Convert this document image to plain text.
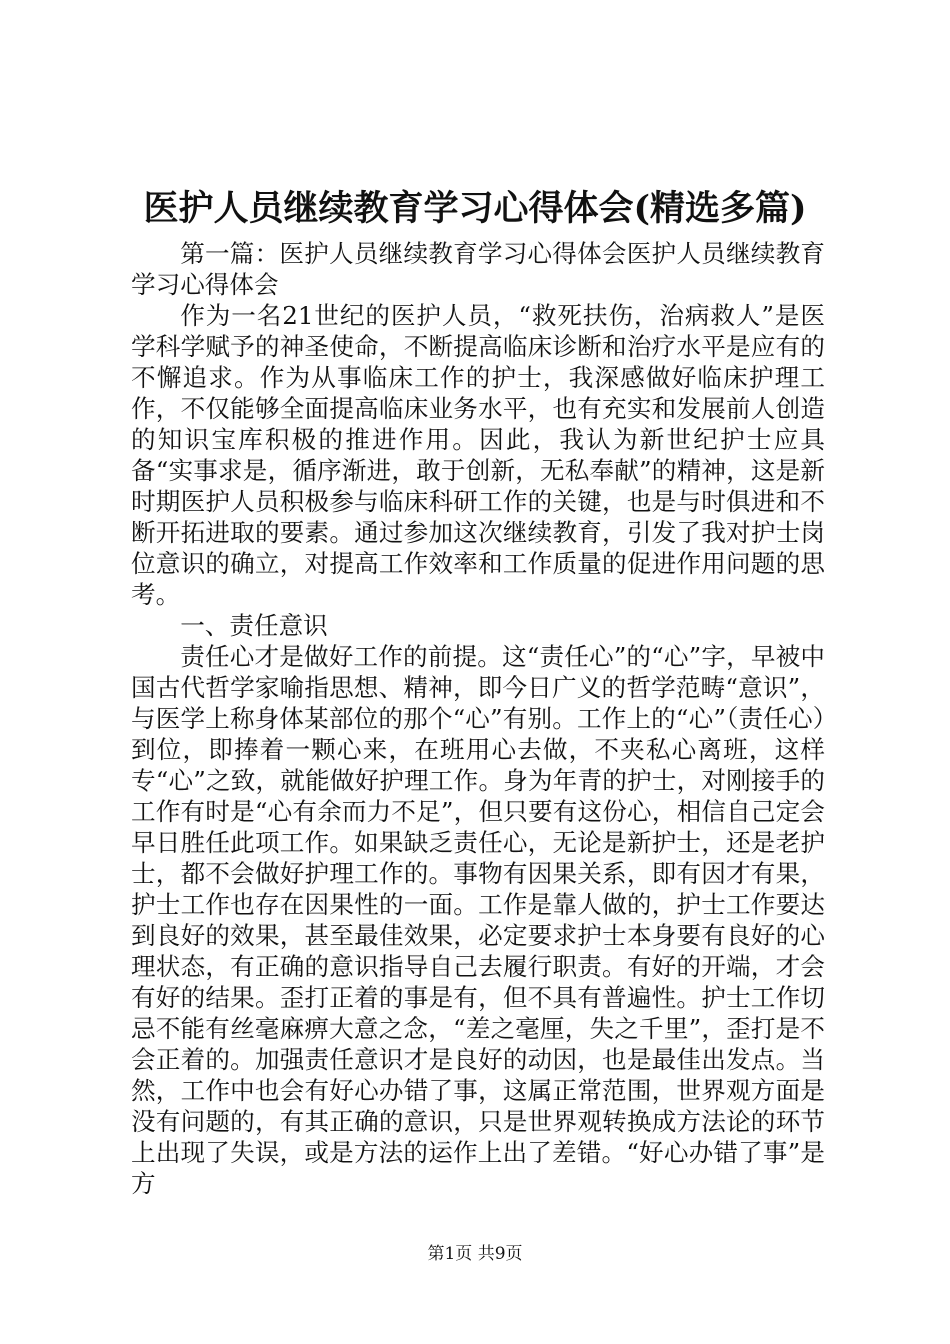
医护人员继续教育学习心得体会(精选多篇)

第一篇：医护人员继续教育学习心得体会医护人员继续教育学习心得体会

作为一名21世纪的医护人员，“救死扶伤，治病救人”是医学科学赋予的神圣使命，不断提高临床诊断和治疗水平是应有的不懈追求。作为从事临床工作的护士，我深感做好临床护理工作，不仅能够全面提高临床业务水平，也有充实和发展前人创造的知识宝库积极的推进作用。因此，我认为新世纪护士应具备“实事求是，循序渐进，敢于创新，无私奉献”的精神，这是新时期医护人员积极参与临床科研工作的关键，也是与时俱进和不断开拓进取的要素。通过参加这次继续教育，引发了我对护士岗位意识的确立，对提高工作效率和工作质量的促进作用问题的思考。

一、责任意识

责任心才是做好工作的前提。这“责任心”的“心”字，早被中国古代哲学家喻指思想、精神，即今日广义的哲学范畴“意识”，与医学上称身体某部位的那个“心”有别。工作上的“心”（责任心）到位，即捧着一颗心来，在班用心去做，不夹私心离班，这样专“心”之致，就能做好护理工作。身为年青的护士，对刚接手的工作有时是“心有余而力不足”，但只要有这份心，相信自己定会早日胜任此项工作。如果缺乏责任心，无论是新护士，还是老护士，都不会做好护理工作的。事物有因果关系，即有因才有果，护士工作也存在因果性的一面。工作是靠人做的，护士工作要达到良好的效果，甚至最佳效果，必定要求护士本身要有良好的心理状态，有正确的意识指导自己去履行职责。有好的开端，才会有好的结果。歪打正着的事是有，但不具有普遍性。护士工作切忌不能有丝毫麻痹大意之念，“差之毫厘，失之千里”，歪打是不会正着的。加强责任意识才是良好的动因，也是最佳出发点。当然，工作中也会有好心办错了事，这属正常范围，世界观方面是没有问题的，有其正确的意识，只是世界观转换成方法论的环节上出现了失误，或是方法的运作上出了差错。“好心办错了事”是方

第1页 共9页
